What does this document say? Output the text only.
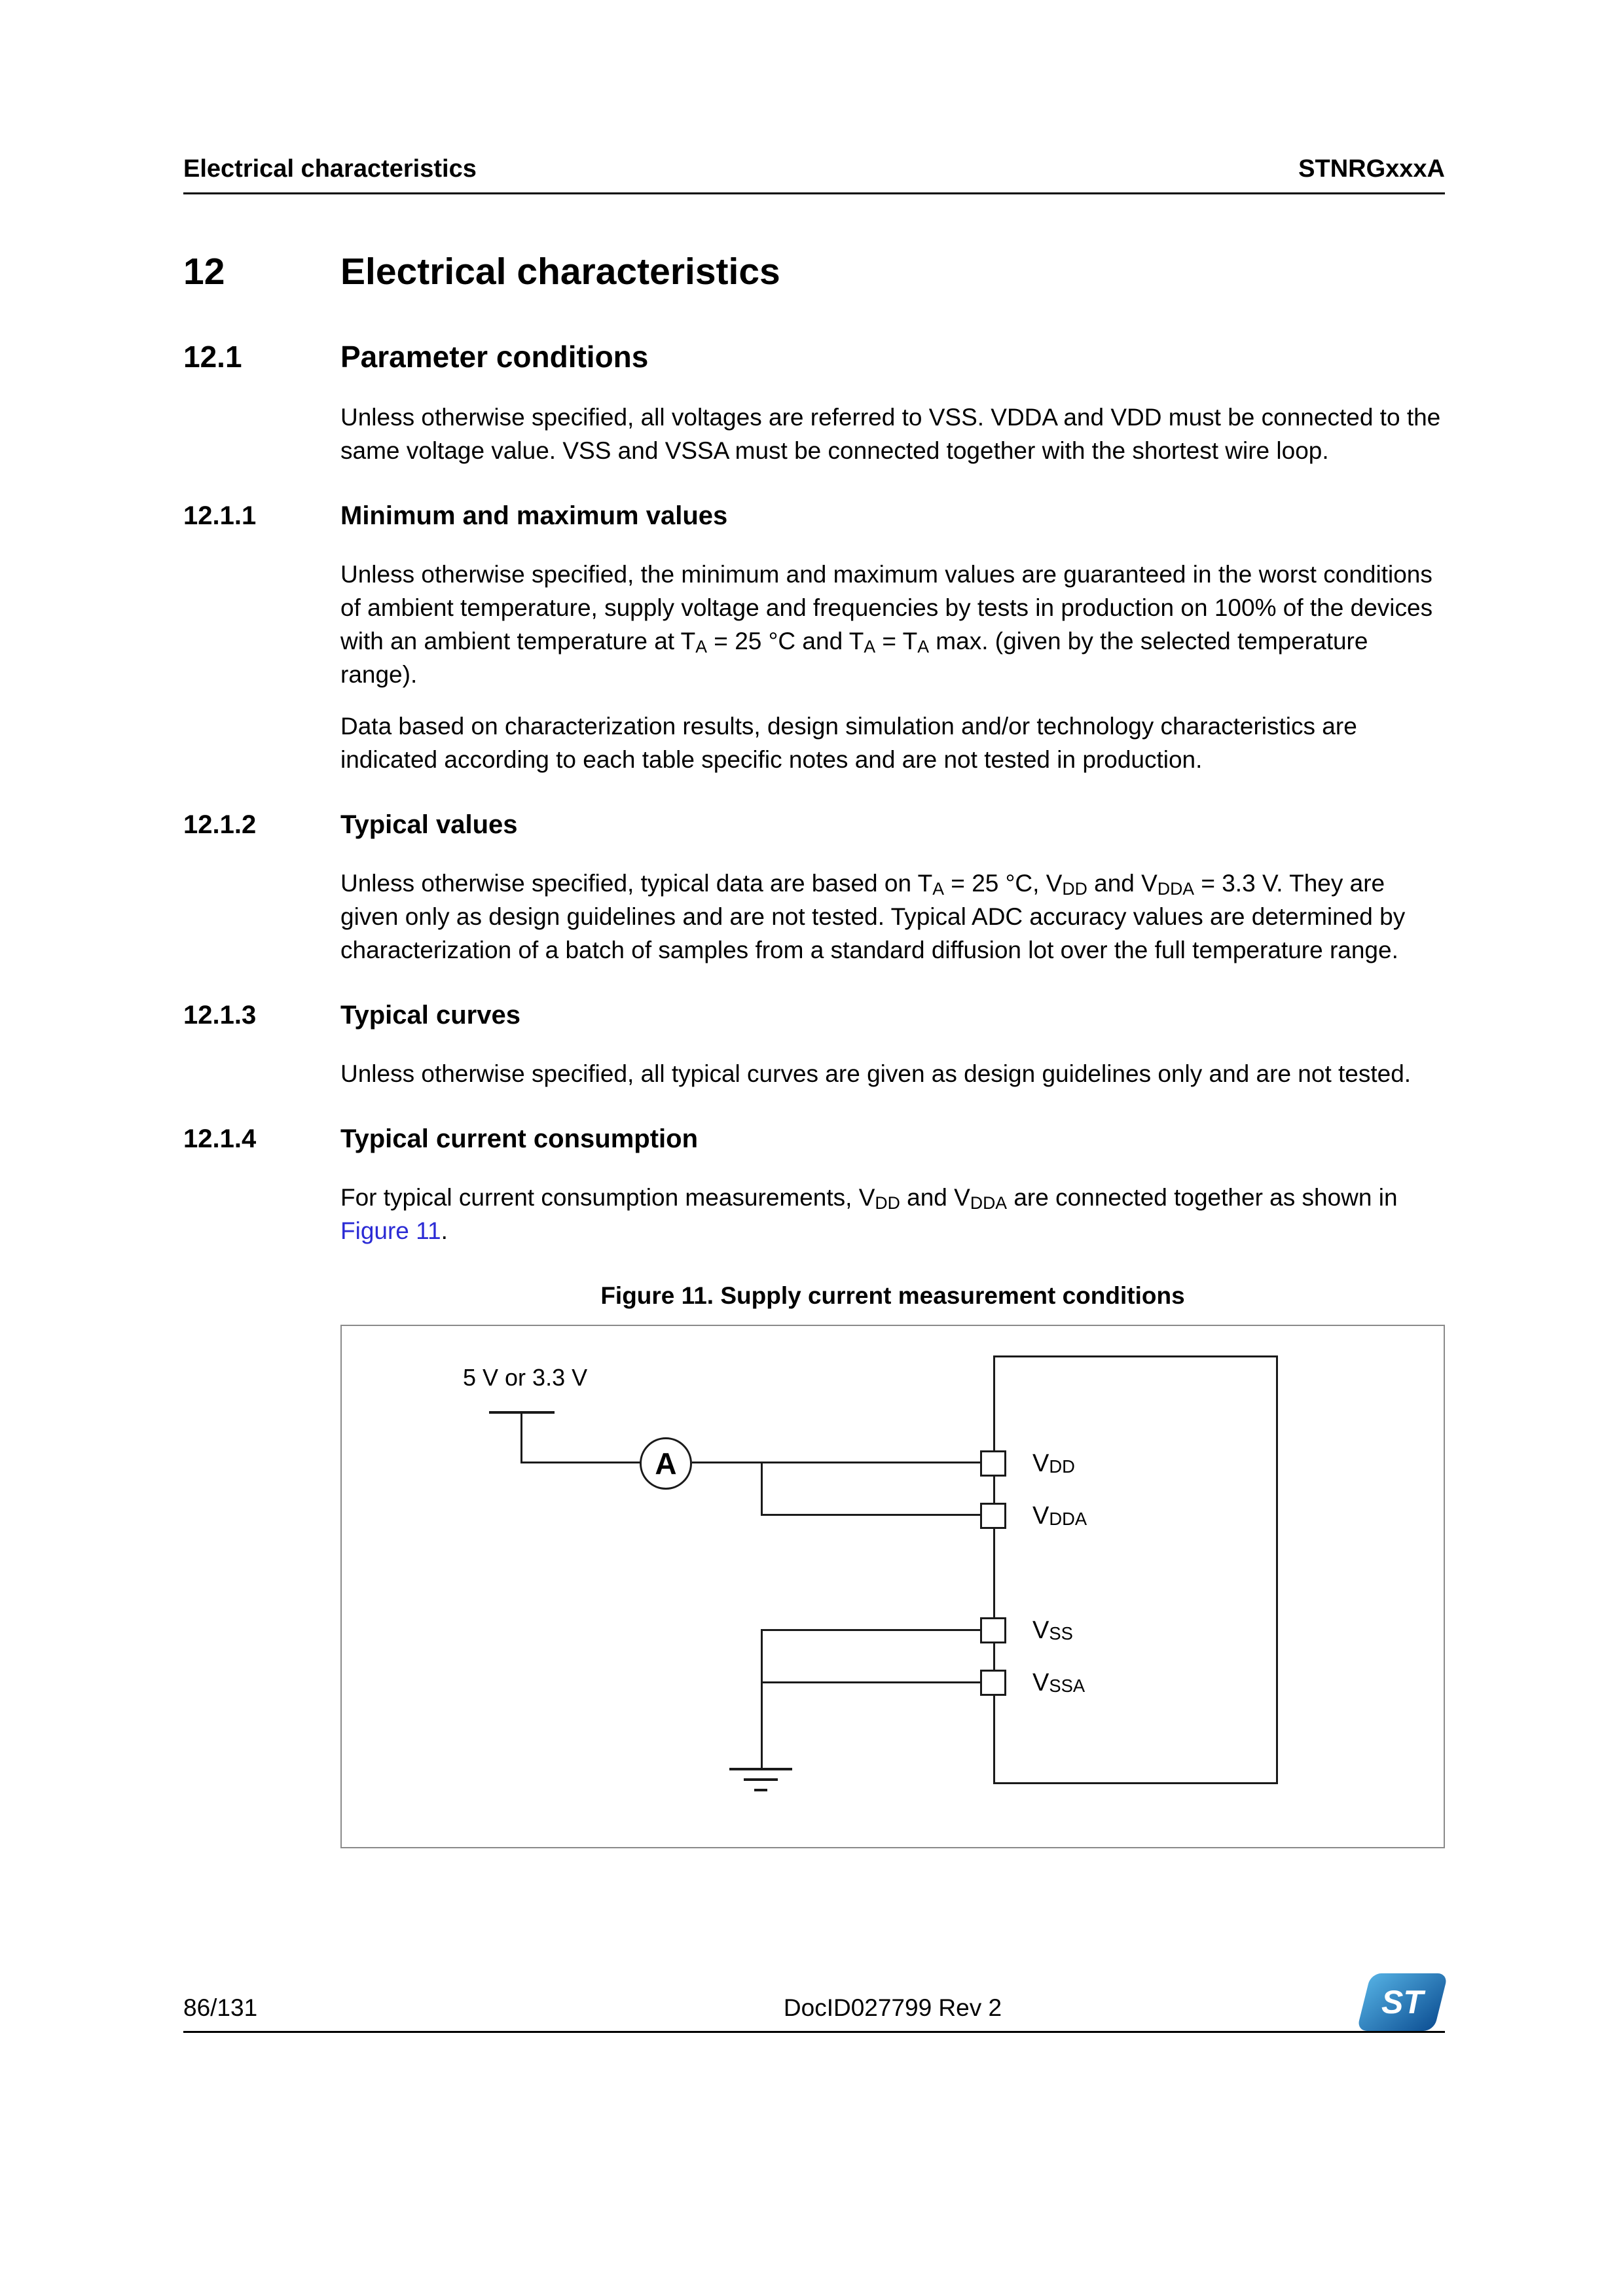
Electrical characteristics	STNRGxxxA
12	Electrical characteristics
12.1	Parameter conditions

Unless otherwise specified, all voltages are referred to VSS. VDDA and VDD must be connected to the same voltage value. VSS and VSSA must be connected together with the shortest wire loop.

12.1.1	Minimum and maximum values

Unless otherwise specified, the minimum and maximum values are guaranteed in the worst conditions of ambient temperature, supply voltage and frequencies by tests in production on 100% of the devices with an ambient temperature at $T_A = 25$ °C and $T_A = T_A$ max. (given by the selected temperature range).

Data based on characterization results, design simulation and/or technology characteristics are indicated according to each table specific notes and are not tested in production.

12.1.2	Typical values

Unless otherwise specified, typical data are based on $T_A = 25$ °C, $V_{DD}$ and $V_{DDA} = 3.3$ V. They are given only as design guidelines and are not tested. Typical ADC accuracy values are determined by characterization of a batch of samples from a standard diffusion lot over the full temperature range.

12.1.3	Typical curves

Unless otherwise specified, all typical curves are given as design guidelines only and are not tested.

12.1.4	Typical current consumption

For typical current consumption measurements, $V_{DD}$ and $V_{DDA}$ are connected together as shown in Figure 11.

Figure 11. Supply current measurement conditions
5 V or 3.3 V
A	$V_{DD}$
$V_{DDA}$
$V_{SS}$
$V_{SSA}$
86/131	DocID027799 Rev 2	ST
